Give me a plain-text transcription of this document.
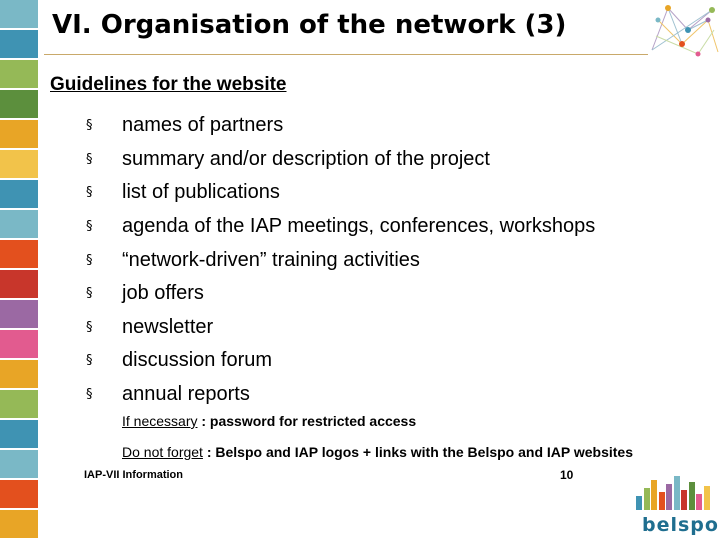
VI. Organisation of the network (3)
Guidelines for the website
§	names of partners
§	summary and/or description of the project
§	list of publications
§	agenda of the IAP meetings, conferences, workshops
§	“network-driven” training activities
§	job offers
§	newsletter
§	discussion forum
§	annual reports
If necessary : password for restricted access
Do not forget : Belspo and IAP logos + links with the Belspo and IAP websites
IAP-VII Information	10
belspo
